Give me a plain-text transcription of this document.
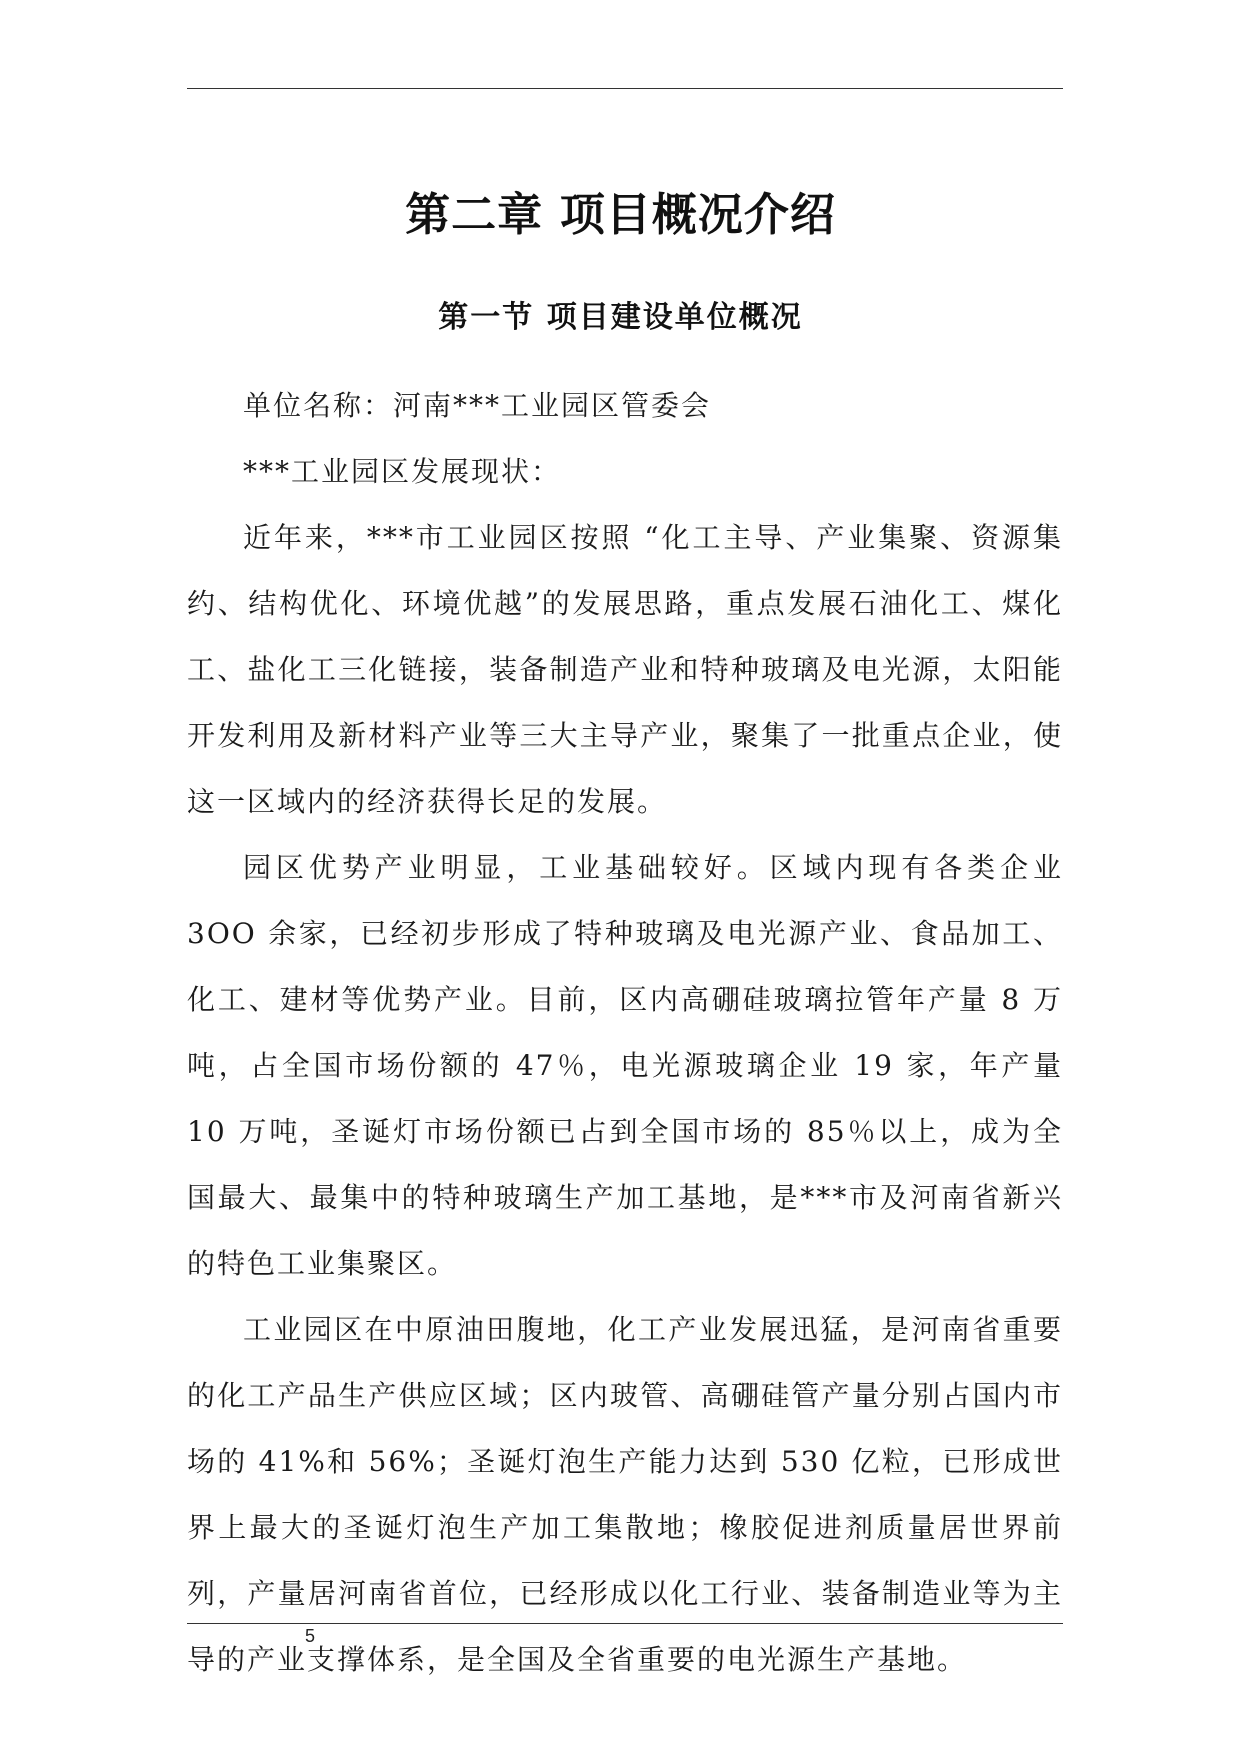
第二章 项目概况介绍
第一节 项目建设单位概况

单位名称：河南***工业园区管委会

***工业园区发展现状：

近年来，***市工业园区按照 “化工主导、产业集聚、资源集约、结构优化、环境优越”的发展思路，重点发展石油化工、煤化工、盐化工三化链接，装备制造产业和特种玻璃及电光源，太阳能开发利用及新材料产业等三大主导产业，聚集了一批重点企业，使这一区域内的经济获得长足的发展。

园区优势产业明显，工业基础较好。区域内现有各类企业 3OO 余家，已经初步形成了特种玻璃及电光源产业、食品加工、化工、建材等优势产业。目前，区内高硼硅玻璃拉管年产量 8 万吨，占全国市场份额的 47％，电光源玻璃企业 19 家，年产量 10 万吨，圣诞灯市场份额已占到全国市场的 85％以上，成为全国最大、最集中的特种玻璃生产加工基地，是***市及河南省新兴的特色工业集聚区。

工业园区在中原油田腹地，化工产业发展迅猛，是河南省重要的化工产品生产供应区域；区内玻管、高硼硅管产量分别占国内市场的 41%和 56%；圣诞灯泡生产能力达到 530 亿粒，已形成世界上最大的圣诞灯泡生产加工集散地；橡胶促进剂质量居世界前列，产量居河南省首位，已经形成以化工行业、装备制造业等为主导的产业支撑体系，是全国及全省重要的电光源生产基地。

5
